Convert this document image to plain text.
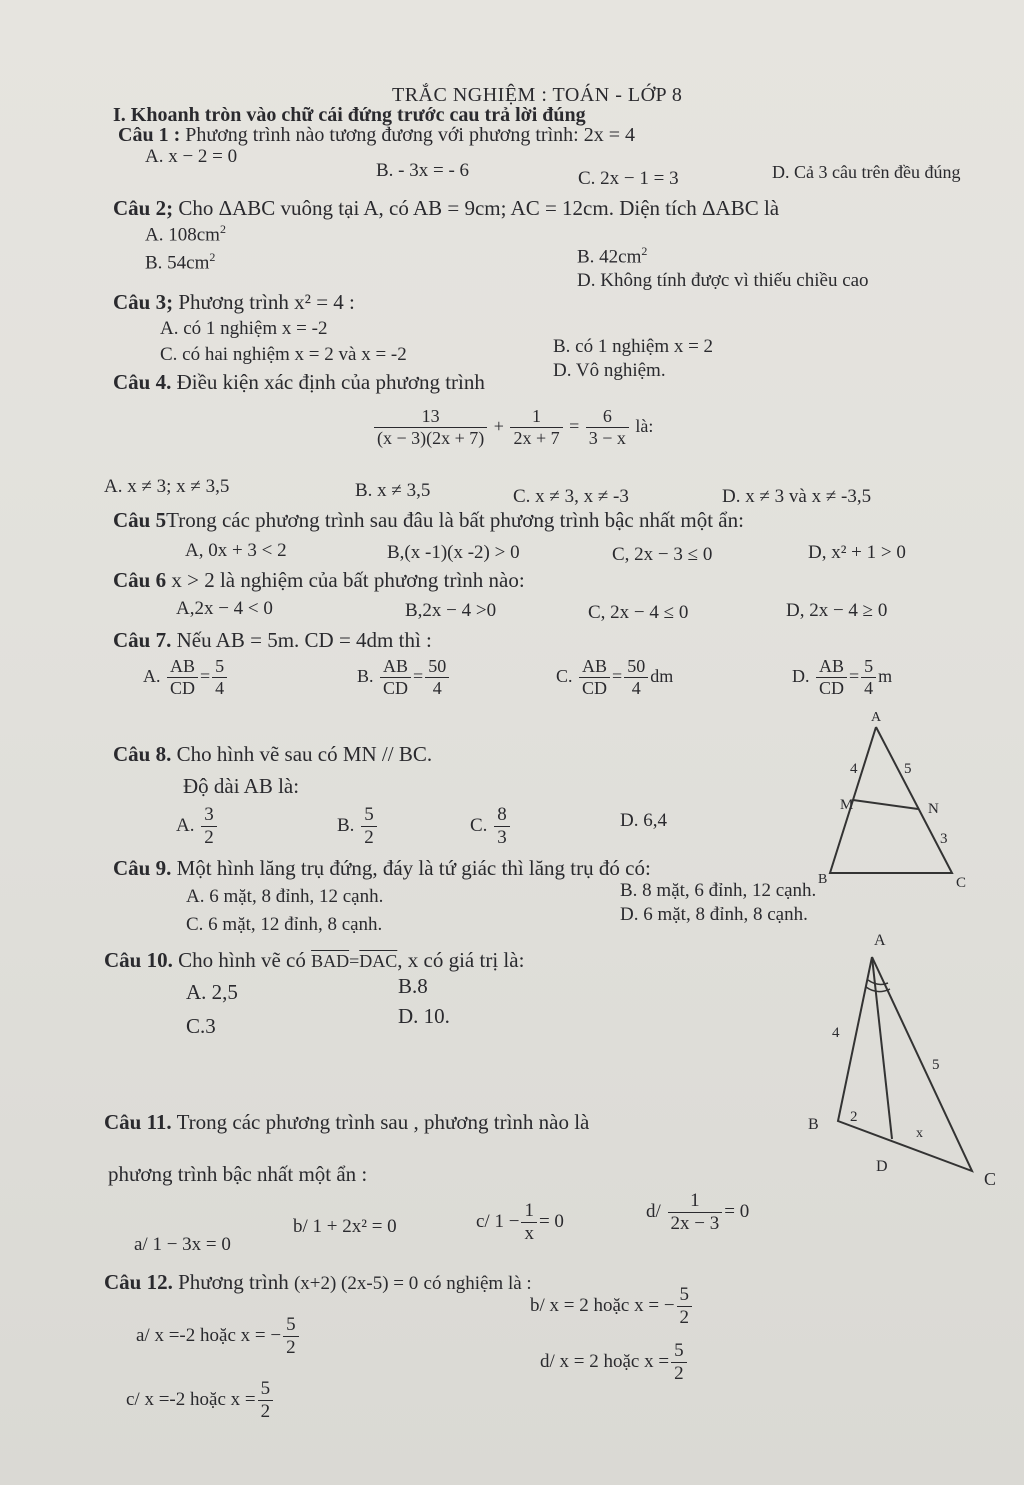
TRẮC NGHIỆM : TOÁN - LỚP 8
I. Khoanh tròn vào chữ cái đứng trước cau trả lời đúng
Câu 1 : Phương trình nào tương đương với phương trình: 2x = 4
A. x − 2 = 0
B. - 3x = - 6	C. 2x − 1 = 3	D. Cả 3 câu trên đều đúng
Câu 2; Cho ΔABC vuông tại A, có AB = 9cm; AC = 12cm. Diện tích ΔABC là
A. $108cm^2$
B. $54cm^2$	B. $42cm^2$
D. Không tính được vì thiếu chiều cao
Câu 3; Phương trình x² = 4 :
A. có 1 nghiệm x = -2
B. có 1 nghiệm x = 2
C. có hai nghiệm x = 2 và x = -2
D. Vô nghiệm.
Câu 4. Điều kiện xác định của phương trình
$\frac{13}{(x - 3)(2x + 7)} + \frac{1}{2x + 7} = \frac{6}{3 - x}$ là:
A. x ≠ 3; x ≠ 3,5	B. x ≠ 3,5	C. x ≠ 3, x ≠ -3	D. x ≠ 3 và x ≠ -3,5
Câu 5Trong các phương trình sau đâu là bất phương trình bậc nhất một ẩn:
A, 0x + 3 < 2	B,(x -1)(x -2) > 0	C, 2x − 3 ≤ 0	D, x² + 1 > 0
Câu 6 x > 2 là nghiệm của bất phương trình nào:
A,2x − 4 < 0	B,2x − 4 >0	C, 2x − 4 ≤ 0	D, 2x − 4 ≥ 0
Câu 7. Nếu AB = 5m. CD = 4dm thì :
A. $\frac{AB}{CD} = \frac{5}{4}$	B. $\frac{AB}{CD} = \frac{50}{4}$	C. $\frac{AB}{CD} = \frac{50}{4}$ dm	D. $\frac{AB}{CD} = \frac{5}{4}$ m
Câu 8. Cho hình vẽ sau có MN // BC.
Độ dài AB là:
A. $\frac{3}{2}$	B. $\frac{5}{2}$	C. $\frac{8}{3}$	D. 6,4
A
M	N
B	C
4	5
3
Câu 9. Một hình lăng trụ đứng, đáy là tứ giác thì lăng trụ đó có:
A. 6 mặt, 8 đỉnh, 12 cạnh.	B. 8 mặt, 6 đỉnh, 12 cạnh.
C. 6 mặt, 12 đỉnh, 8 cạnh.	D. 6 mặt, 8 đỉnh, 8 cạnh.
Câu 10. Cho hình vẽ có $\overline{BAD}=\overline{DAC}$, x có giá trị là:
A. 2,5	B.8
C.3	D. 10.
A
B
D
C
4
5
2
x
Câu 11. Trong các phương trình sau , phương trình nào là
phương trình bậc nhất một ẩn :
a/ 1 − 3x = 0
b/ 1 + 2x² = 0	c/ $1 - \frac{1}{x} = 0$	$d/ \frac{1}{2x - 3} = 0$
Câu 12. Phương trình (x+2) (2x-5) = 0 có nghiệm là :
a/ x =-2 hoặc x = − $\frac{5}{2}$
b/ x = 2 hoặc x = − $\frac{5}{2}$
c/ x =-2 hoặc $x = \frac{5}{2}$
d/ x = 2 hoặc $x = \frac{5}{2}$
